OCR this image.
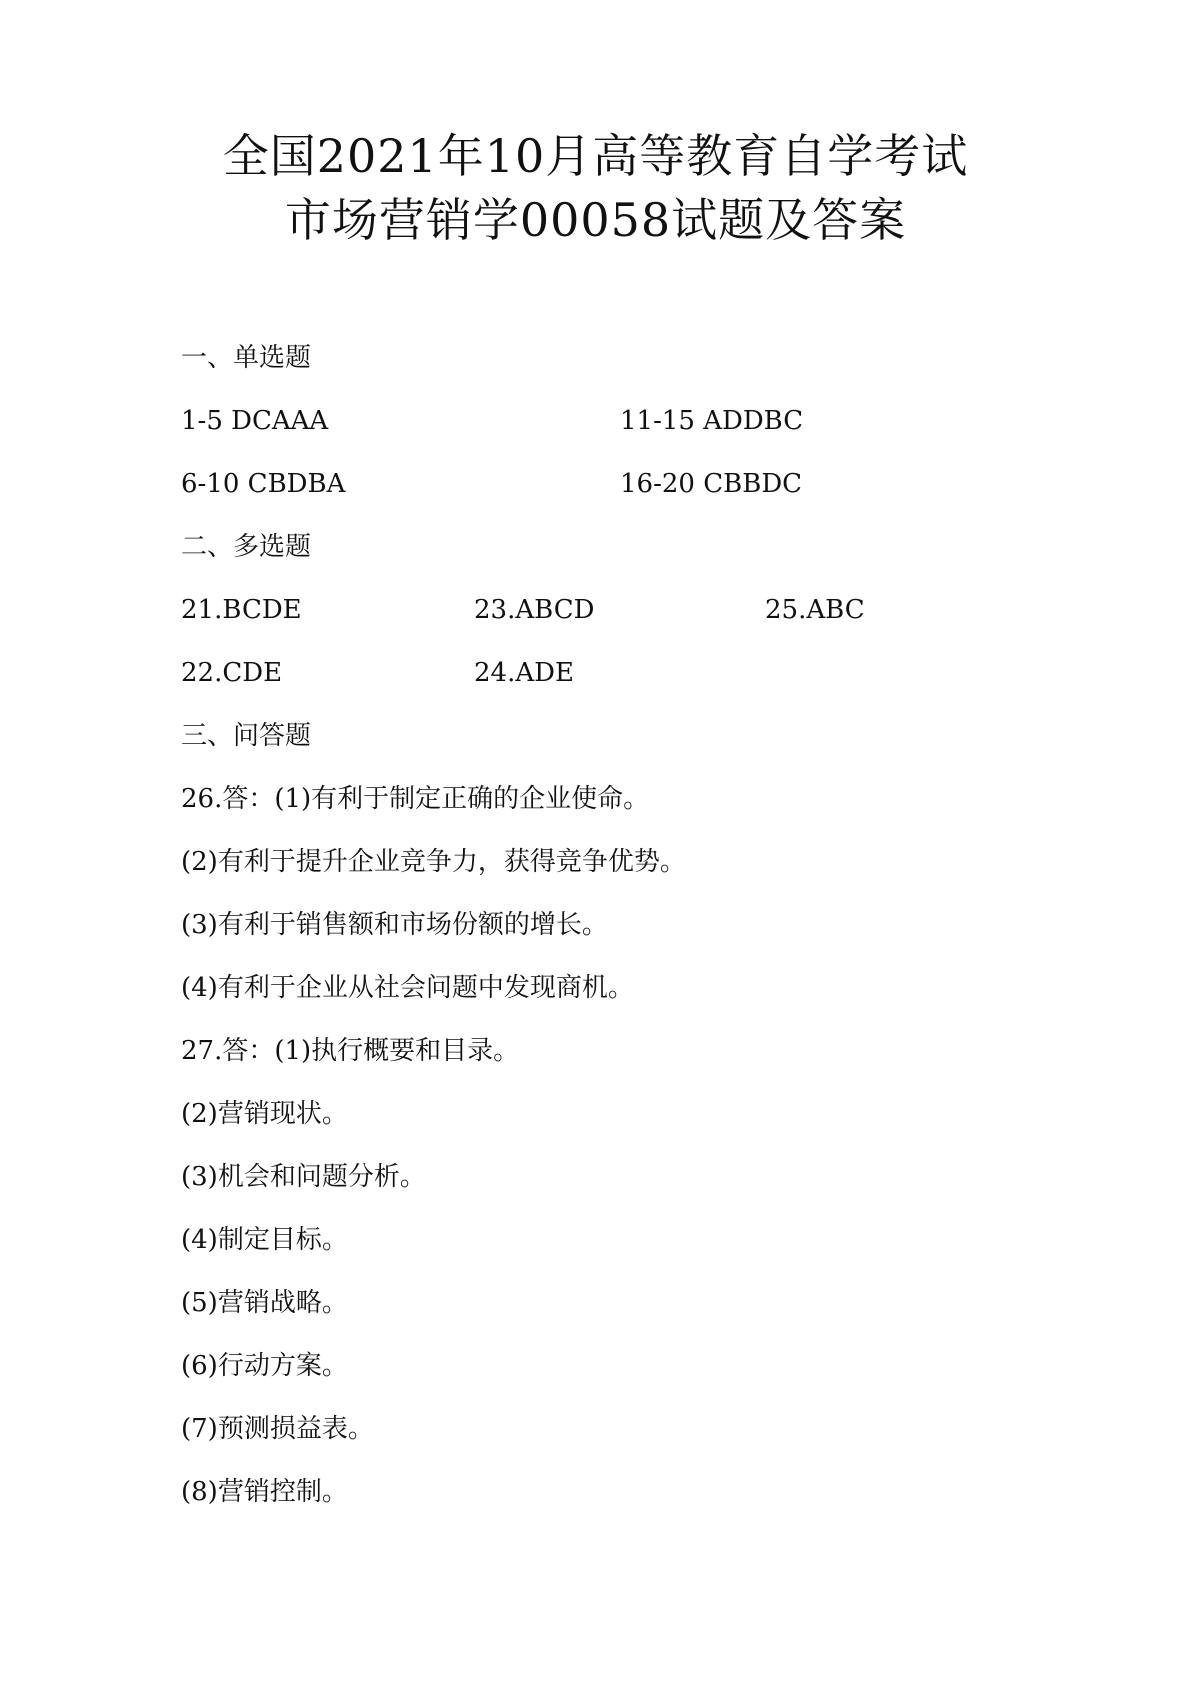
全国2021年10月高等教育自学考试
市场营销学00058试题及答案

一、单选题

1-5 DCAAA	11-15 ADDBC

6-10 CBDBA	16-20 CBBDC

二、多选题

21.BCDE	23.ABCD	25.ABC

22.CDE	24.ADE

三、问答题

26.答：(1)有利于制定正确的企业使命。

(2)有利于提升企业竞争力，获得竞争优势。

(3)有利于销售额和市场份额的增长。

(4)有利于企业从社会问题中发现商机。

27.答：(1)执行概要和目录。

(2)营销现状。

(3)机会和问题分析。

(4)制定目标。

(5)营销战略。

(6)行动方案。

(7)预测损益表。

(8)营销控制。
